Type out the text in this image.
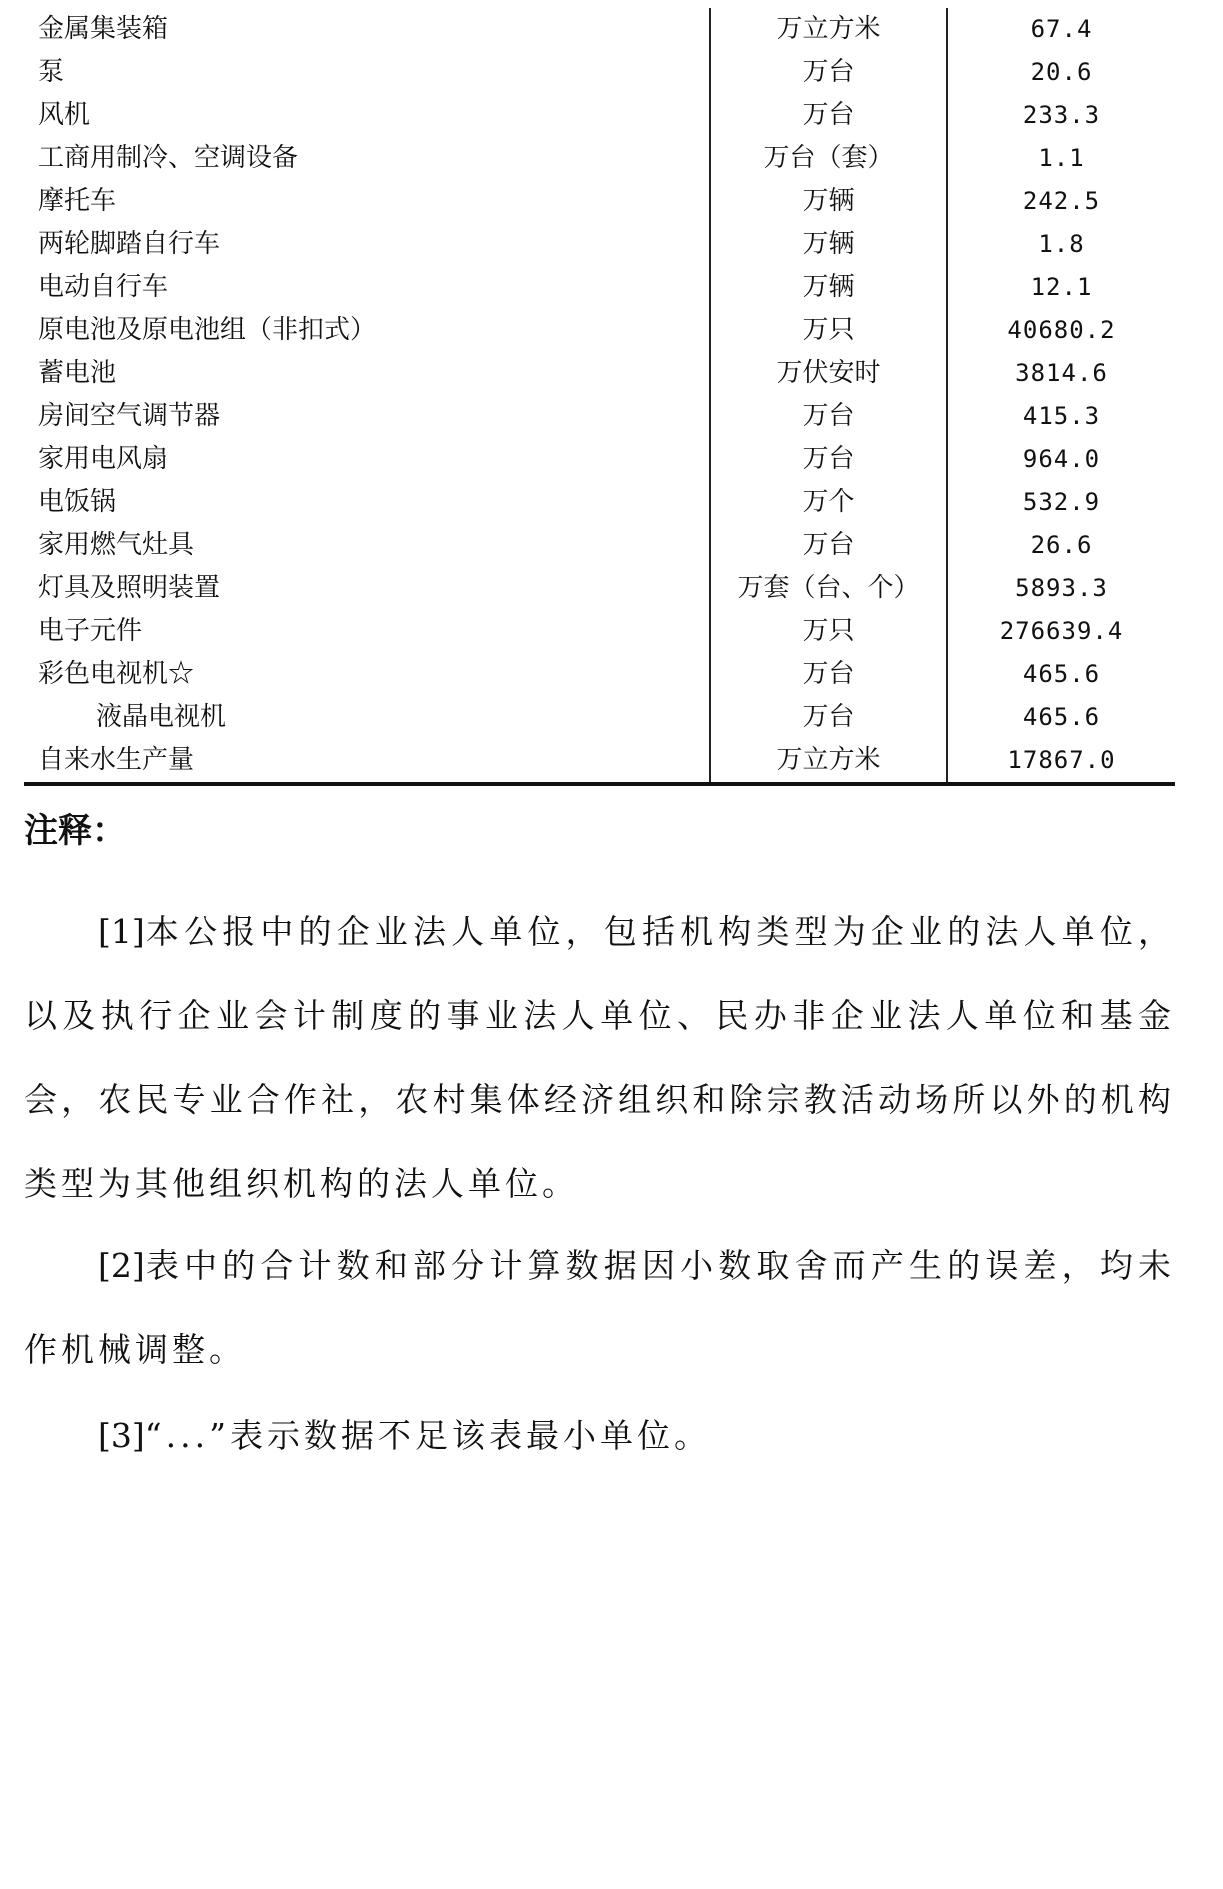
金属集装箱	万立方米	67.4
泵	万台	20.6
风机	万台	233.3
工商用制冷、空调设备	万台（套）	1.1
摩托车	万辆	242.5
两轮脚踏自行车	万辆	1.8
电动自行车	万辆	12.1
原电池及原电池组（非扣式）	万只	40680.2
蓄电池	万伏安时	3814.6
房间空气调节器	万台	415.3
家用电风扇	万台	964.0
电饭锅	万个	532.9
家用燃气灶具	万台	26.6
灯具及照明装置	万套（台、个）	5893.3
电子元件	万只	276639.4
彩色电视机☆	万台	465.6
液晶电视机	万台	465.6
自来水生产量	万立方米	17867.0
注释：

[1]本公报中的企业法人单位，包括机构类型为企业的法人单位，以及执行企业会计制度的事业法人单位、民办非企业法人单位和基金会，农民专业合作社，农村集体经济组织和除宗教活动场所以外的机构类型为其他组织机构的法人单位。

[2]表中的合计数和部分计算数据因小数取舍而产生的误差，均未作机械调整。

[3]“...”表示数据不足该表最小单位。
